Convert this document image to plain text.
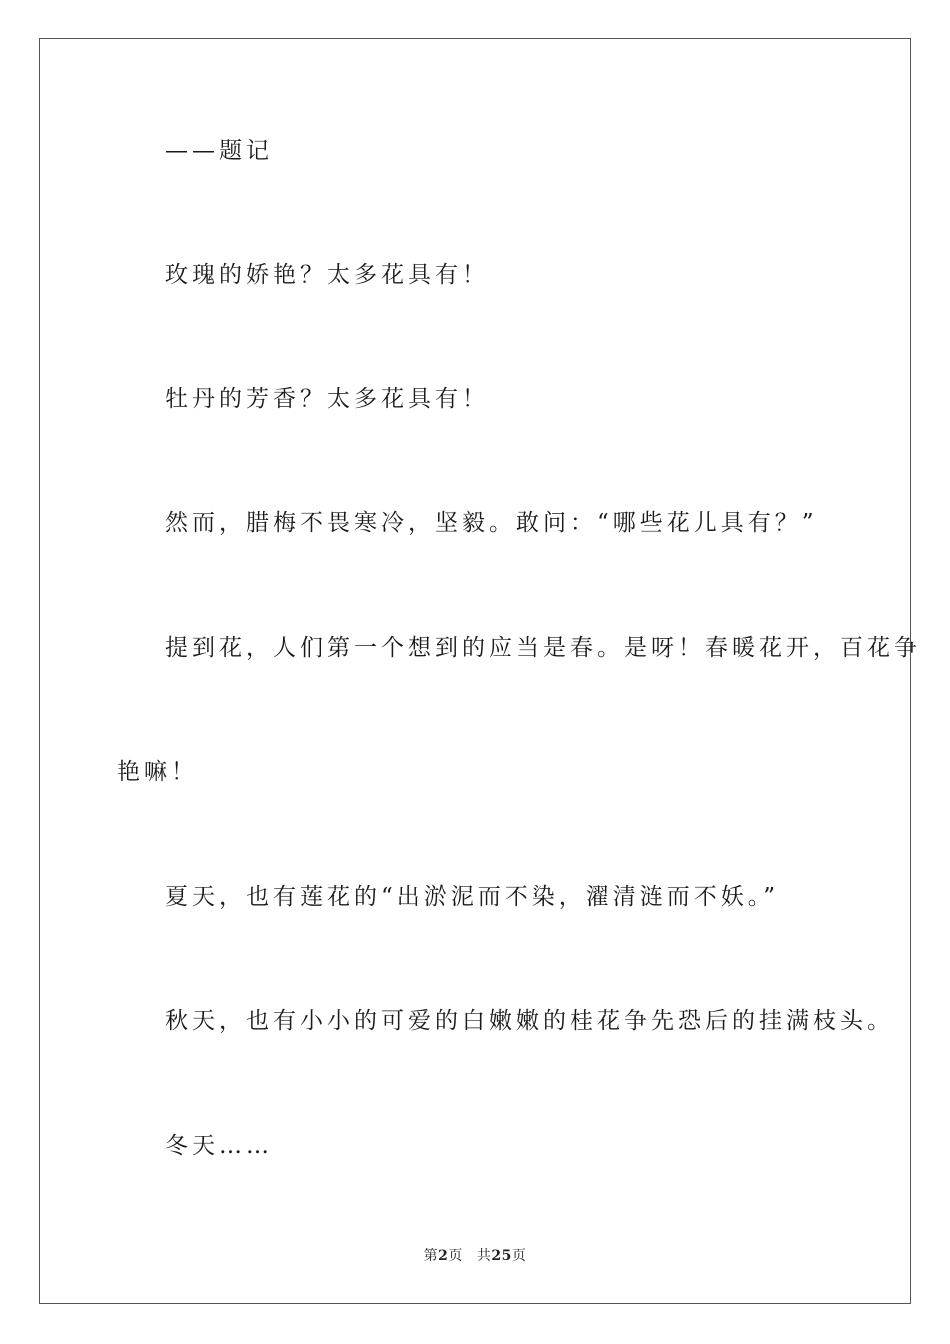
——题记
玫瑰的娇艳？太多花具有！
牡丹的芳香？太多花具有！
然而，腊梅不畏寒冷，坚毅。敢问：“哪些花儿具有？”
提到花，人们第一个想到的应当是春。是呀！春暖花开，百花争
艳嘛！
夏天，也有莲花的“出淤泥而不染，濯清涟而不妖。”
秋天，也有小小的可爱的白嫩嫩的桂花争先恐后的挂满枝头。
冬天……
第2页 共25页
